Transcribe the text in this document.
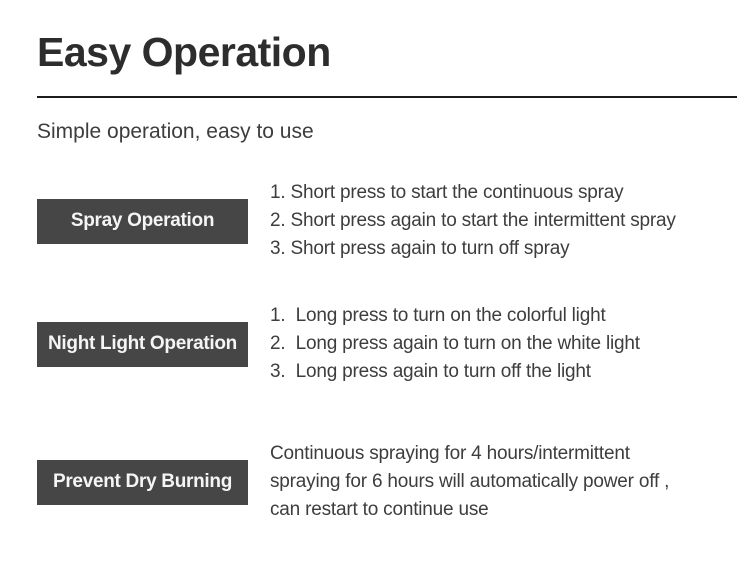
Easy Operation
Simple operation, easy to use
Spray Operation
1. Short press to start the continuous spray
2. Short press again to start the intermittent spray
3. Short press again to turn off spray
Night Light Operation
1.  Long press to turn on the colorful light
2.  Long press again to turn on the white light
3.  Long press again to turn off the light
Prevent Dry Burning
Continuous spraying for 4 hours/intermittent
spraying for 6 hours will automatically power off ,
can restart to continue use
